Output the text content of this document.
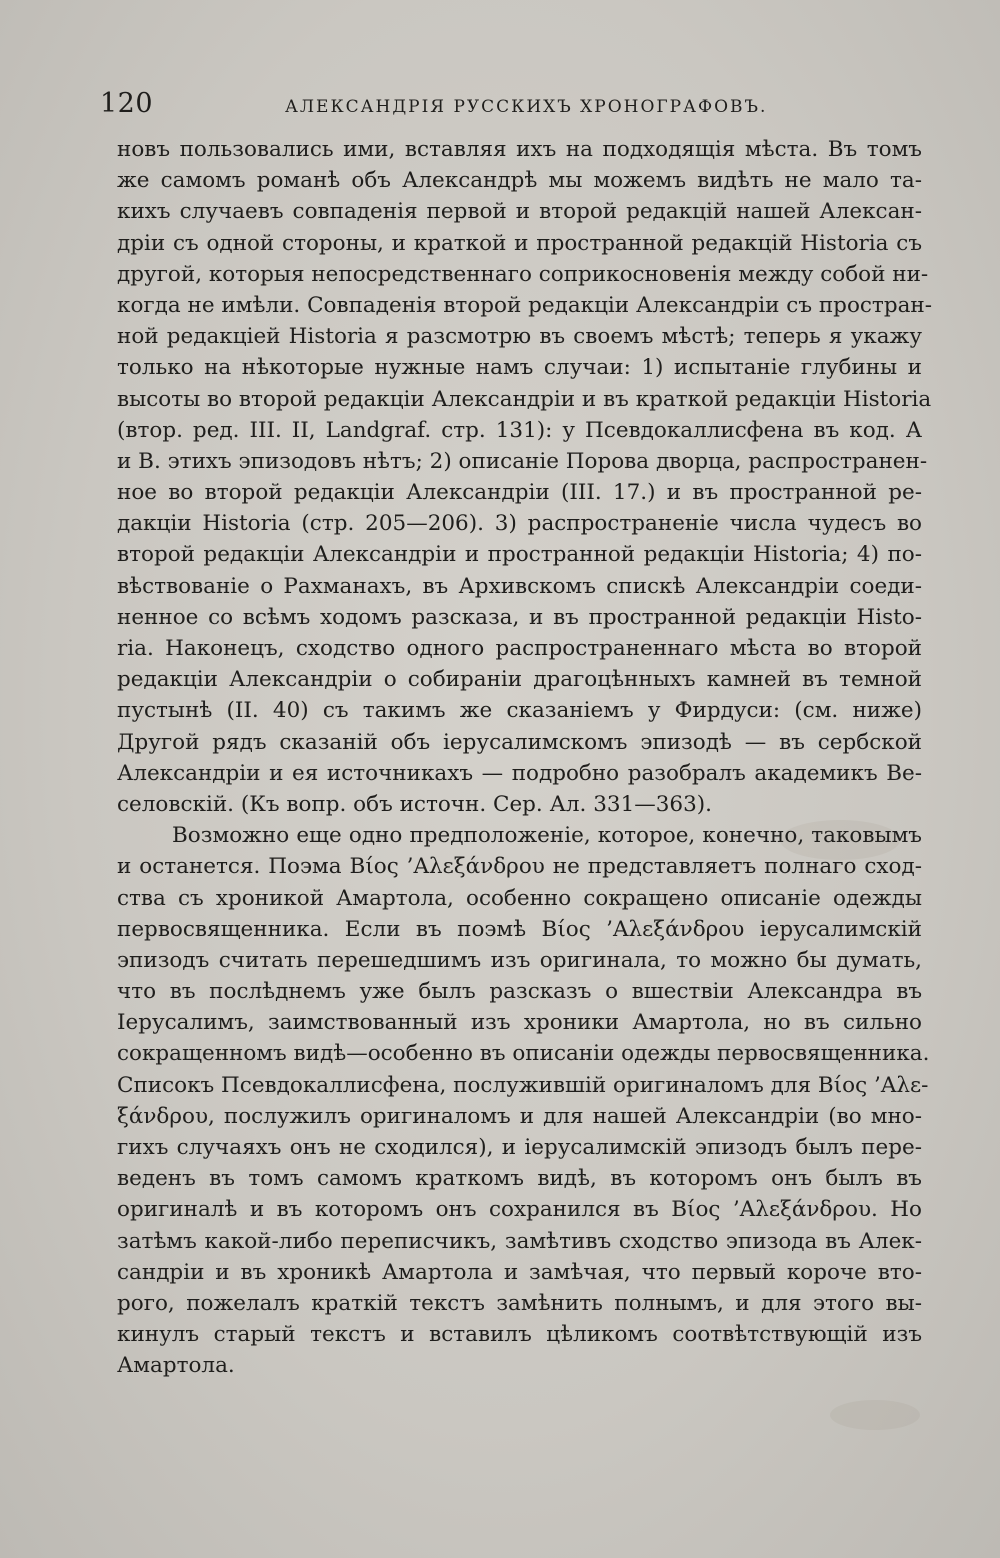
120	АЛЕКСАНДРІЯ РУССКИХЪ ХРОНОГРАФОВЪ.
новъ пользовались ими, вставляя ихъ на подходящія мѣста. Въ томъ
же самомъ романѣ объ Александрѣ мы можемъ видѣть не мало та-
кихъ случаевъ совпаденія первой и второй редакцій нашей Алексан-
дріи съ одной стороны, и краткой и пространной редакцій Historia съ
другой, которыя непосредственнаго соприкосновенія между собой ни-
когда не имѣли. Совпаденія второй редакціи Александріи съ простран-
ной редакціей Historia я разсмотрю въ своемъ мѣстѣ; теперь я укажу
только на нѣкоторые нужные намъ случаи: 1) испытаніе глубины и
высоты во второй редакціи Александріи и въ краткой редакціи Historia
(втор. ред. III. II, Landgraf. стр. 131): у Псевдокаллисфена въ код. А
и В. этихъ эпизодовъ нѣтъ; 2) описаніе Порова дворца, распространен-
ное во второй редакціи Александріи (III. 17.) и въ пространной ре-
дакціи Historia (стр. 205—206). 3) распространеніе числа чудесъ во
второй редакціи Александріи и пространной редакціи Historia; 4) по-
вѣствованіе о Рахманахъ, въ Архивскомъ спискѣ Александріи соеди-
ненное со всѣмъ ходомъ разсказа, и въ пространной редакціи Histo-
ria. Наконецъ, сходство одного распространеннаго мѣста во второй
редакціи Александріи о собираніи драгоцѣнныхъ камней въ темной
пустынѣ (II. 40) съ такимъ же сказаніемъ у Фирдуси: (см. ниже)
Другой рядъ сказаній объ іерусалимскомъ эпизодѣ — въ сербской
Александріи и ея источникахъ — подробно разобралъ академикъ Ве-
селовскій. (Къ вопр. объ источн. Сер. Ал. 331—363).
Возможно еще одно предположеніе, которое, конечно, таковымъ
и останется. Поэма Βίος ’Αλεξάνδρου не представляетъ полнаго сход-
ства съ хроникой Амартола, особенно сокращено описаніе одежды
первосвященника. Если въ поэмѣ Βίος ’Αλεξάνδρου іерусалимскій
эпизодъ считать перешедшимъ изъ оригинала, то можно бы думать,
что въ послѣднемъ уже былъ разсказъ о вшествіи Александра въ
Іерусалимъ, заимствованный изъ хроники Амартола, но въ сильно
сокращенномъ видѣ—особенно въ описаніи одежды первосвященника.
Списокъ Псевдокаллисфена, послужившій оригиналомъ для Βίος ’Αλε-
ξάνδρου, послужилъ оригиналомъ и для нашей Александріи (во мно-
гихъ случаяхъ онъ не сходился), и іерусалимскій эпизодъ былъ пере-
веденъ въ томъ самомъ краткомъ видѣ, въ которомъ онъ былъ въ
оригиналѣ и въ которомъ онъ сохранился въ Βίος ’Αλεξάνδρου. Но
затѣмъ какой-либо переписчикъ, замѣтивъ сходство эпизода въ Алек-
сандріи и въ хроникѣ Амартола и замѣчая, что первый короче вто-
рого, пожелалъ краткій текстъ замѣнить полнымъ, и для этого вы-
кинулъ старый текстъ и вставилъ цѣликомъ соотвѣтствующій изъ
Амартола.
